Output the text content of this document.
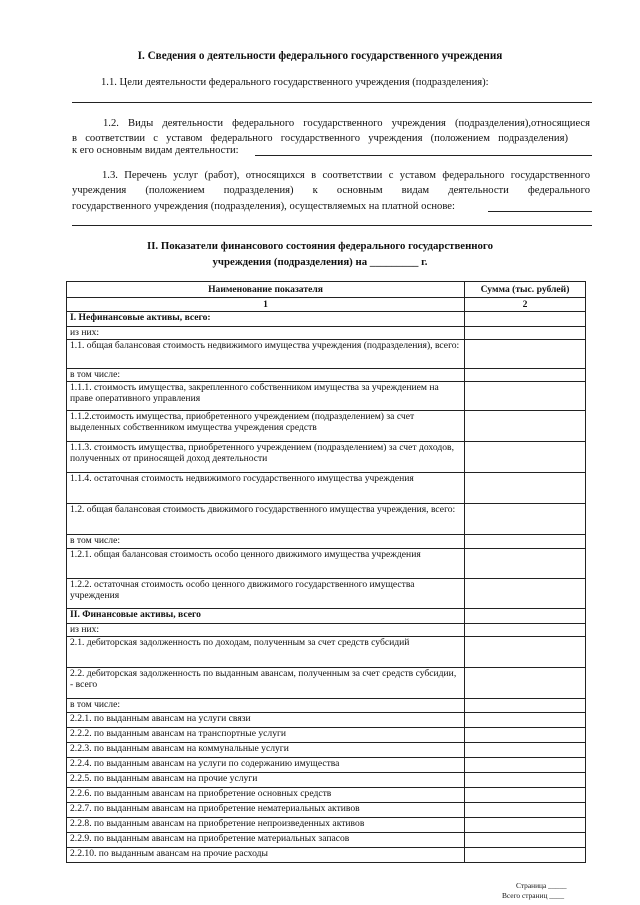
I. Сведения о деятельности федерального государственного учреждения
1.1. Цели деятельности федерального государственного учреждения (подразделения):
1.2. Виды деятельности федерального государственного учреждения (подразделения),относящиеся
в соответствии с уставом федерального государственного учреждения (положением подразделения)
к его основным видам деятельности:
1.3. Перечень услуг (работ), относящихся в соответствии с уставом федерального государственного
учреждения (положением подразделения) к основным видам деятельности федерального
государственного учреждения (подразделения), осуществляемых на платной основе:
II. Показатели финансового состояния федерального государственного
учреждения (подразделения) на _________ г.
Наименование показателя	Сумма (тыс. рублей)
1	2
I. Нефинансовые активы, всего:	
из них:	
1.1. общая балансовая стоимость недвижимого имущества учреждения (подразделения), всего:	
в том числе:	
1.1.1. стоимость имущества, закрепленного собственником имущества за учреждением на праве оперативного управления	
1.1.2.стоимость имущества, приобретенного учреждением (подразделением) за счет выделенных собственником имущества учреждения средств	
1.1.3. стоимость имущества, приобретенного учреждением (подразделением) за счет доходов, полученных от приносящей доход деятельности	
1.1.4. остаточная стоимость недвижимого государственного имущества учреждения	
1.2. общая балансовая стоимость движимого государственного имущества учреждения, всего:	
в том числе:	
1.2.1. общая балансовая стоимость особо ценного движимого имущества учреждения	
1.2.2. остаточная стоимость особо ценного движимого государственного имущества учреждения	
II. Финансовые активы, всего	
из них:	
2.1. дебиторская задолженность по доходам, полученным за счет средств субсидий	
2.2. дебиторская задолженность по выданным авансам, полученным за счет средств субсидии, - всего	
в том числе:	
2.2.1. по выданным авансам на услуги связи	
2.2.2. по выданным авансам на транспортные услуги	
2.2.3. по выданным авансам на коммунальные услуги	
2.2.4. по выданным авансам на услуги по содержанию имущества	
2.2.5. по выданным авансам на прочие услуги	
2.2.6. по выданным авансам на приобретение основных средств	
2.2.7. по выданным авансам на приобретение нематериальных активов	
2.2.8. по выданным авансам на приобретение непроизведенных активов	
2.2.9. по выданным авансам на приобретение материальных запасов	
2.2.10. по выданным авансам на прочие расходы	
Страница _____
Всего страниц ____
